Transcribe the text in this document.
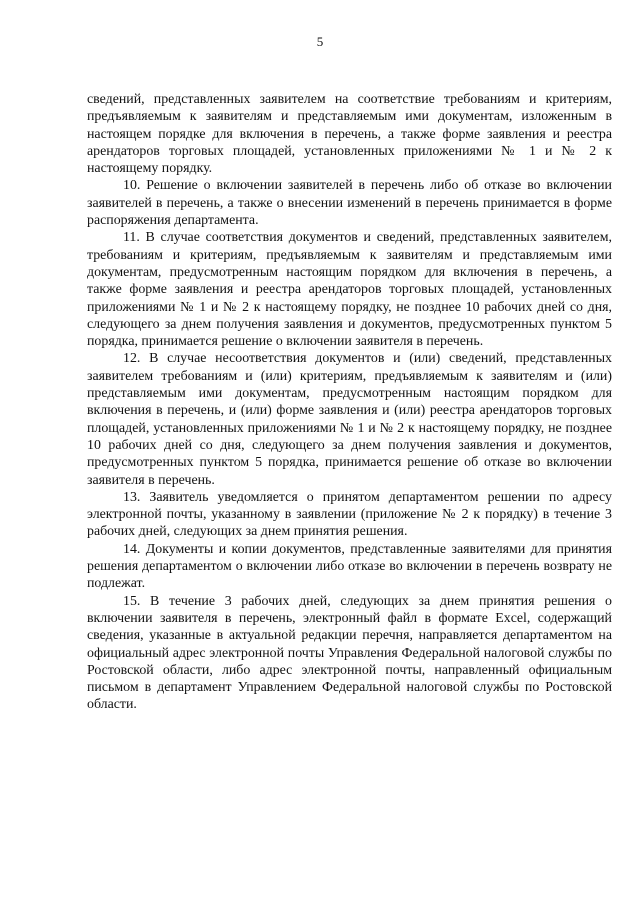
5

сведений, представленных заявителем на соответствие требованиям и критериям, предъявляемым к заявителям и представляемым ими документам, изложенным в настоящем порядке для включения в перечень, а также форме заявления и реестра арендаторов торговых площадей, установленных приложениями № 1 и № 2 к настоящему порядку.

10. Решение о включении заявителей в перечень либо об отказе во включении заявителей в перечень, а также о внесении изменений в перечень принимается в форме распоряжения департамента.

11. В случае соответствия документов и сведений, представленных заявителем, требованиям и критериям, предъявляемым к заявителям и представляемым ими документам, предусмотренным настоящим порядком для включения в перечень, а также форме заявления и реестра арендаторов торговых площадей, установленных приложениями № 1 и № 2 к настоящему порядку, не позднее 10 рабочих дней со дня, следующего за днем получения заявления и документов, предусмотренных пунктом 5 порядка, принимается решение о включении заявителя в перечень.

12. В случае несоответствия документов и (или) сведений, представленных заявителем требованиям и (или) критериям, предъявляемым к заявителям и (или) представляемым ими документам, предусмотренным настоящим порядком для включения в перечень, и (или) форме заявления и (или) реестра арендаторов торговых площадей, установленных приложениями № 1 и № 2 к настоящему порядку, не позднее 10 рабочих дней со дня, следующего за днем получения заявления и документов, предусмотренных пунктом 5 порядка, принимается решение об отказе во включении заявителя в перечень.

13. Заявитель уведомляется о принятом департаментом решении по адресу электронной почты, указанному в заявлении (приложение № 2 к порядку) в течение 3 рабочих дней, следующих за днем принятия решения.

14. Документы и копии документов, представленные заявителями для принятия решения департаментом о включении либо отказе во включении в перечень возврату не подлежат.

15. В течение 3 рабочих дней, следующих за днем принятия решения о включении заявителя в перечень, электронный файл в формате Excel, содержащий сведения, указанные в актуальной редакции перечня, направляется департаментом на официальный адрес электронной почты Управления Федеральной налоговой службы по Ростовской области, либо адрес электронной почты, направленный официальным письмом в департамент Управлением Федеральной налоговой службы по Ростовской области.
